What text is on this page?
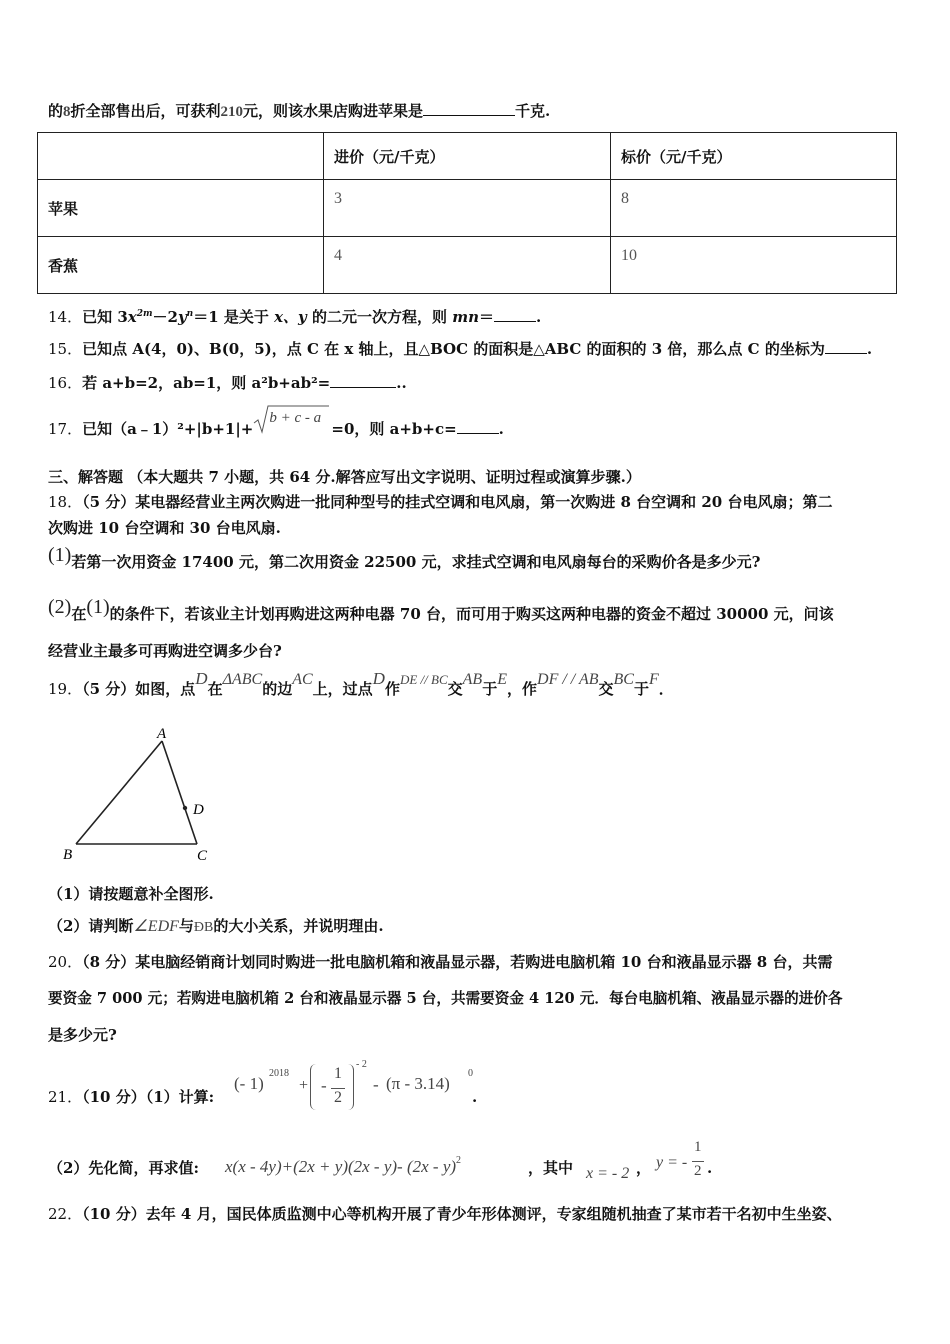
的8折全部售出后，可获利210元，则该水果店购进苹果是	千克.
	进价（元/千克）	标价（元/千克）
苹果	3	8
香蕉	4	10
14．已知 $3x^{2m}-2y^n=1$ 是关于 x、y 的二元一次方程，则 mn＝	.
15．已知点 A(4，0)、B(0，5)，点 C 在 x 轴上，且△BOC 的面积是△ABC 的面积的 3 倍，那么点 C 的坐标为	.
16．若 a+b=2，ab=1，则 a²b+ab²=	..
17．已知（a﹣1）²+|b+1|+
b + c - a
=0，则 a+b+c=	.
三、解答题 （本大题共 7 小题，共 64 分.解答应写出文字说明、证明过程或演算步骤.）
18．（5 分）某电器经营业主两次购进一批同种型号的挂式空调和电风扇，第一次购进 8 台空调和 20 台电风扇；第二
次购进 10 台空调和 30 台电风扇.
(1)若第一次用资金 17400 元，第二次用资金 22500 元，求挂式空调和电风扇每台的采购价各是多少元?
(2)在(1)的条件下，若该业主计划再购进这两种电器 70 台，而可用于购买这两种电器的资金不超过 30000 元，问该
经营业主最多可再购进空调多少台?
19．（5 分）如图，点D在ΔABC的边AC上，过点D作DE // BC交AB于E，作DF / / AB交BC于F．
A
B	C
D
（1）请按题意补全图形.
（2）请判断∠EDF与ÐB的大小关系，并说明理由.
20．（8 分）某电脑经销商计划同时购进一批电脑机箱和液晶显示器，若购进电脑机箱 10 台和液晶显示器 8 台，共需
要资金 7 000 元；若购进电脑机箱 2 台和液晶显示器 5 台，共需要资金 4 120 元．每台电脑机箱、液晶显示器的进价各
是多少元?
21．（10 分）（1）计算:
(- 1)
2018
+ -
1
2
- 2
- (π - 3.14)
0
.
（2）先化简，再求值: x(x - 4y)+(2x + y)(2x - y)- (2x - y)$^2$	，其中 x = - 2 ， y = -
1
2 .
22．（10 分）去年 4 月，国民体质监测中心等机构开展了青少年形体测评，专家组随机抽查了某市若干名初中生坐姿、
